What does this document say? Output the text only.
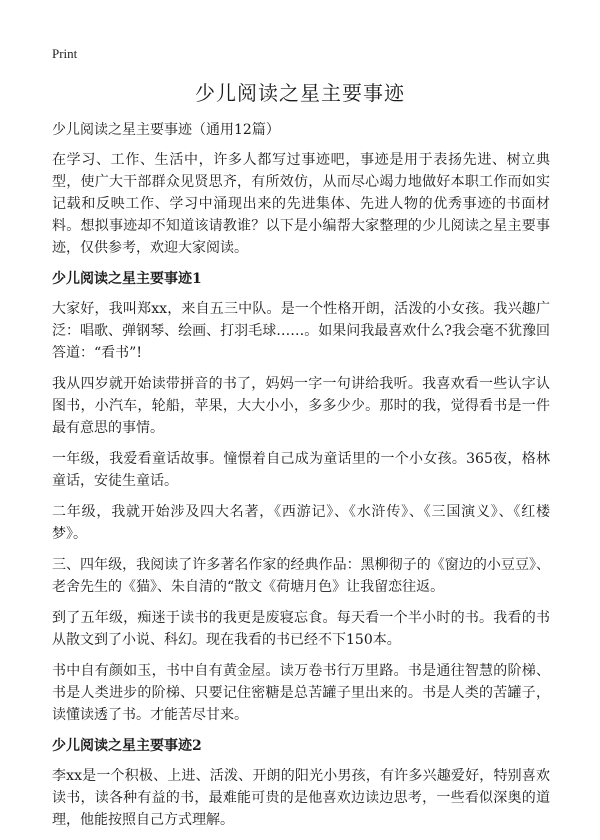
Print
少儿阅读之星主要事迹
少儿阅读之星主要事迹（通用12篇）

在学习、工作、生活中，许多人都写过事迹吧，事迹是用于表扬先进、树立典型，使广大干部群众见贤思齐，有所效仿，从而尽心竭力地做好本职工作而如实记载和反映工作、学习中涌现出来的先进集体、先进人物的优秀事迹的书面材料。想拟事迹却不知道该请教谁？以下是小编帮大家整理的少儿阅读之星主要事迹，仅供参考，欢迎大家阅读。

少儿阅读之星主要事迹1

大家好，我叫郑xx，来自五三中队。是一个性格开朗，活泼的小女孩。我兴趣广泛：唱歌、弹钢琴、绘画、打羽毛球……。如果问我最喜欢什么?我会毫不犹豫回答道：“看书”!

我从四岁就开始读带拼音的书了，妈妈一字一句讲给我听。我喜欢看一些认字认图书，小汽车，轮船，苹果，大大小小，多多少少。那时的我，觉得看书是一件最有意思的事情。

一年级，我爱看童话故事。憧憬着自己成为童话里的一个小女孩。365夜，格林童话，安徒生童话。

二年级，我就开始涉及四大名著，《西游记》、《水浒传》、《三国演义》、《红楼梦》。

三、四年级，我阅读了许多著名作家的经典作品：黑柳彻子的《窗边的小豆豆》、老舍先生的《猫》、朱自清的“散文《荷塘月色》让我留恋往返。

到了五年级，痴迷于读书的我更是废寝忘食。每天看一个半小时的书。我看的书从散文到了小说、科幻。现在我看的书已经不下150本。

书中自有颜如玉，书中自有黄金屋。读万卷书行万里路。书是通往智慧的阶梯、书是人类进步的阶梯、只要记住密糖是总苦罐子里出来的。书是人类的苦罐子，读懂读透了书。才能苦尽甘来。

少儿阅读之星主要事迹2

李xx是一个积极、上进、活泼、开朗的阳光小男孩，有许多兴趣爱好，特别喜欢读书，读各种有益的书，最难能可贵的是他喜欢边读边思考，一些看似深奥的道理，他能按照自己方式理解。
